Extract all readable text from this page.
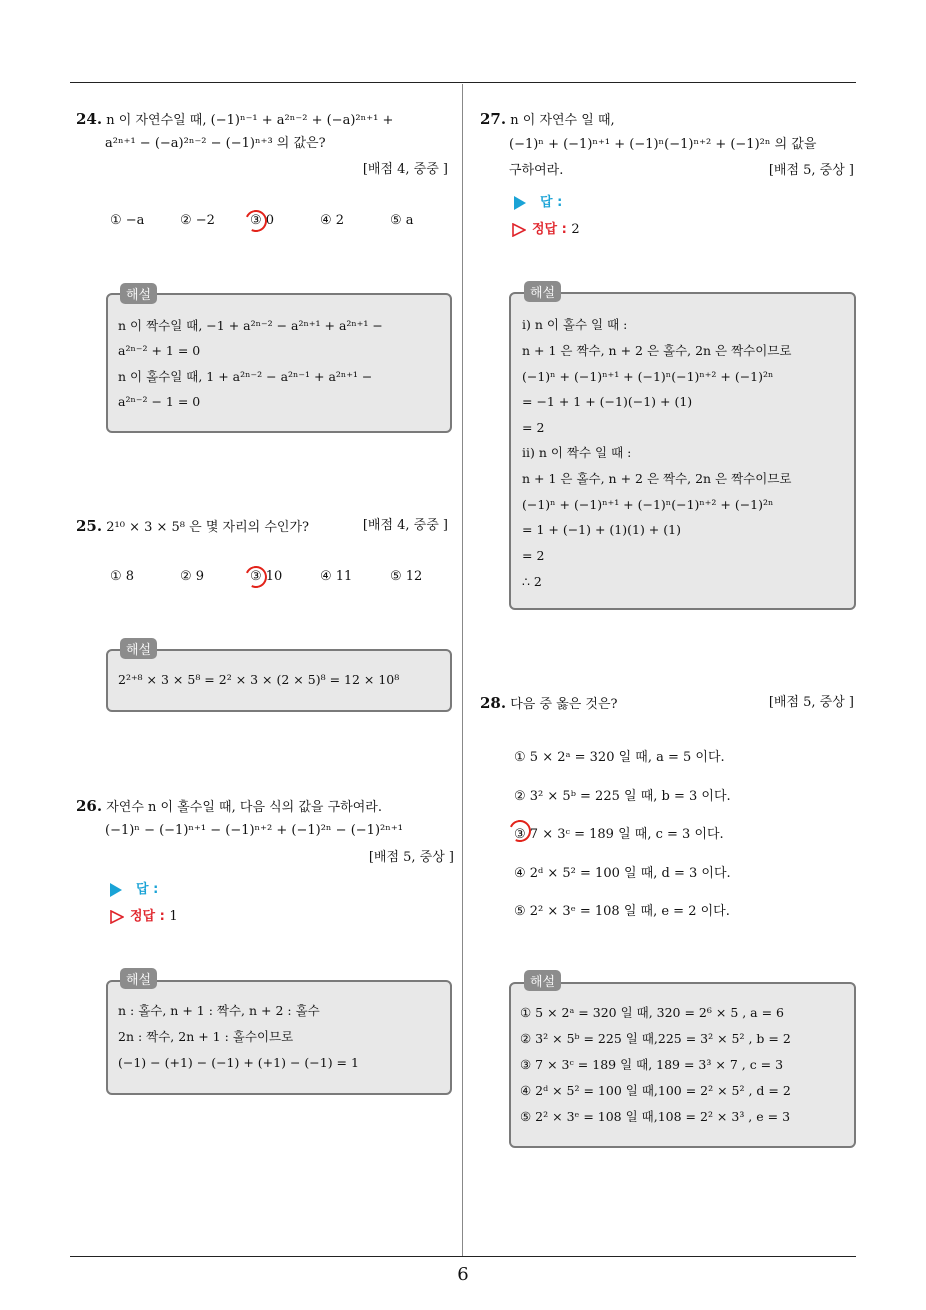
24. n 이 자연수일 때, (−1)ⁿ⁻¹ + a²ⁿ⁻² + (−a)²ⁿ⁺¹ +
a²ⁿ⁺¹ − (−a)²ⁿ⁻² − (−1)ⁿ⁺³ 의 값은?
[배점 4, 중중 ]
① −a	② −2	③ 0	④ 2	⑤ a
해설
n 이 짝수일 때, −1 + a²ⁿ⁻² − a²ⁿ⁺¹ + a²ⁿ⁺¹ −
a²ⁿ⁻² + 1 = 0
n 이 홀수일 때, 1 + a²ⁿ⁻² − a²ⁿ⁻¹ + a²ⁿ⁺¹ −
a²ⁿ⁻² − 1 = 0
25. 2¹⁰ × 3 × 5⁸ 은 몇 자리의 수인가?	[배점 4, 중중 ]
① 8	② 9	③ 10	④ 11	⑤ 12
해설
2²⁺⁸ × 3 × 5⁸ = 2² × 3 × (2 × 5)⁸ = 12 × 10⁸
26. 자연수 n 이 홀수일 때, 다음 식의 값을 구하여라.
(−1)ⁿ − (−1)ⁿ⁺¹ − (−1)ⁿ⁺² + (−1)²ⁿ − (−1)²ⁿ⁺¹
[배점 5, 중상 ]
답 :
정답 : 1
해설
n : 홀수, n + 1 : 짝수, n + 2 : 홀수
2n : 짝수, 2n + 1 : 홀수이므로
(−1) − (+1) − (−1) + (+1) − (−1) = 1
27. n 이 자연수 일 때,
(−1)ⁿ + (−1)ⁿ⁺¹ + (−1)ⁿ(−1)ⁿ⁺² + (−1)²ⁿ 의 값을
구하여라.	[배점 5, 중상 ]
답 :
정답 : 2
해설
i) n 이 홀수 일 때 :
n + 1 은 짝수, n + 2 은 홀수, 2n 은 짝수이므로
(−1)ⁿ + (−1)ⁿ⁺¹ + (−1)ⁿ(−1)ⁿ⁺² + (−1)²ⁿ
= −1 + 1 + (−1)(−1) + (1)
= 2
ii) n 이 짝수 일 때 :
n + 1 은 홀수, n + 2 은 짝수, 2n 은 짝수이므로
(−1)ⁿ + (−1)ⁿ⁺¹ + (−1)ⁿ(−1)ⁿ⁺² + (−1)²ⁿ
= 1 + (−1) + (1)(1) + (1)
= 2
∴ 2
28. 다음 중 옳은 것은?	[배점 5, 중상 ]
① 5 × 2ᵃ = 320 일 때, a = 5 이다.
② 3² × 5ᵇ = 225 일 때, b = 3 이다.
③ 7 × 3ᶜ = 189 일 때, c = 3 이다.
④ 2ᵈ × 5² = 100 일 때, d = 3 이다.
⑤ 2² × 3ᵉ = 108 일 때, e = 2 이다.
해설
① 5 × 2ᵃ = 320 일 때, 320 = 2⁶ × 5 , a = 6
② 3² × 5ᵇ = 225 일 때,225 = 3² × 5² , b = 2
③ 7 × 3ᶜ = 189 일 때, 189 = 3³ × 7 , c = 3
④ 2ᵈ × 5² = 100 일 때,100 = 2² × 5² , d = 2
⑤ 2² × 3ᵉ = 108 일 때,108 = 2² × 3³ , e = 3
6
